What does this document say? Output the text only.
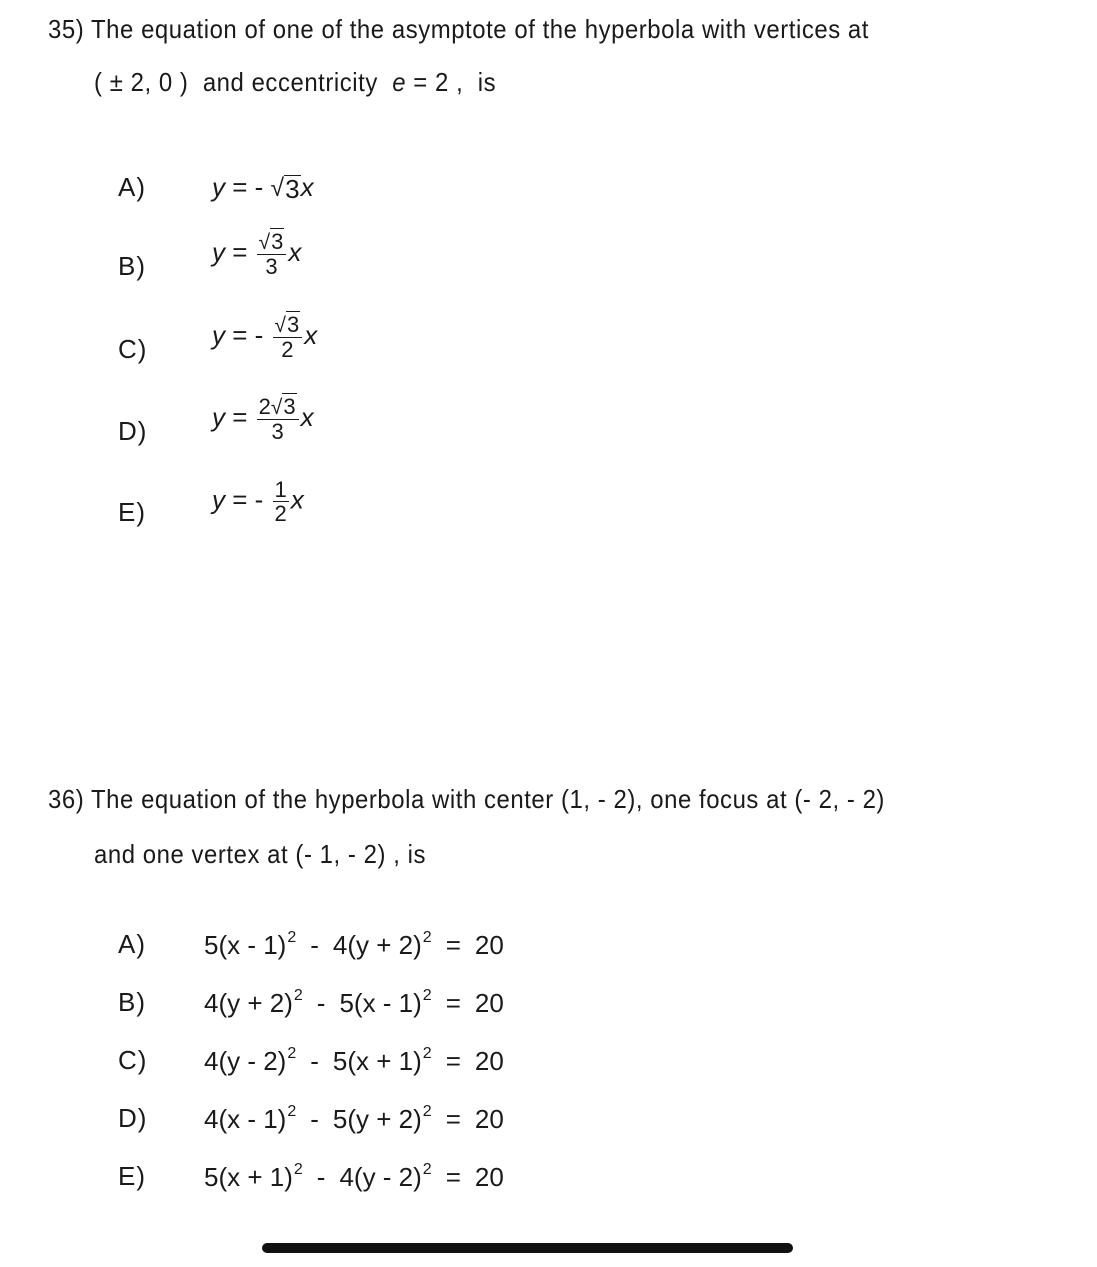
35) The equation of one of the asymptote of the hyperbola with vertices at
( ± 2, 0 ) and eccentricity e = 2 , is
A)	y = - √ 3 x
B)	$y = \frac{√3}{3}$ x
C) y = - $\frac{√3}{2}$ x
D) $y = \frac{2√3}{3}$ x
E)	y = - $\frac{1}{2}$ x
36) The equation of the hyperbola with center (1, - 2), one focus at (- 2, - 2)
and one vertex at (- 1, - 2) , is
A) $5(x - 1)^2 - 4(y + 2)^2 = 20$
B) $4(y + 2)^2 - 5(x - 1)^2 = 20$
C) $4(y - 2)^2 - 5(x + 1)^2 = 20$
D) $4(x - 1)^2 - 5(y + 2)^2 = 20$
E) $5(x + 1)^2 - 4(y - 2)^2 = 20$
